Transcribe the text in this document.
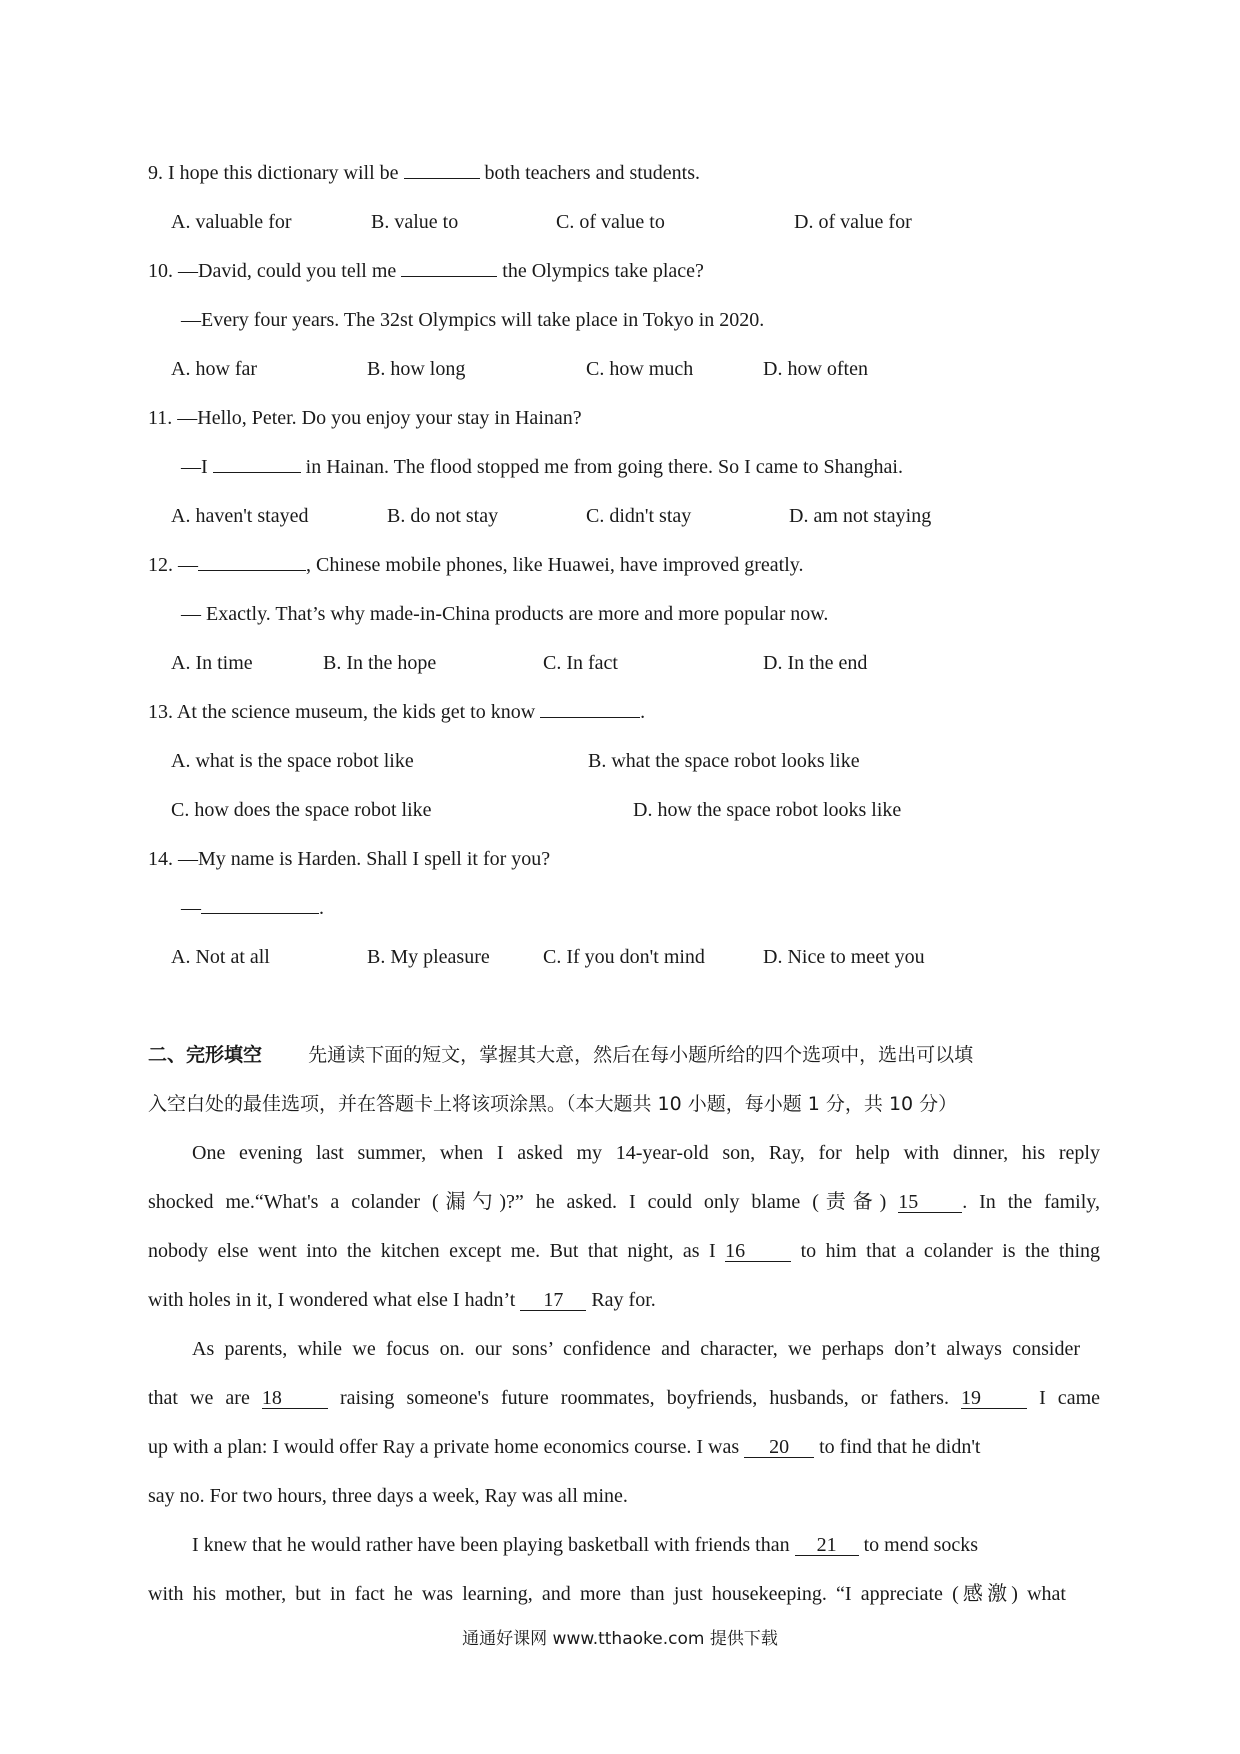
9. I hope this dictionary will be	both teachers and students.
A. valuable for	B. value to	C. of value to	D. of value for
10. —David, could you tell me	the Olympics take place?
—Every four years. The 32st Olympics will take place in Tokyo in 2020.
A. how far	B. how long	C. how much	D. how often
11. —Hello, Peter. Do you enjoy your stay in Hainan?
—I	in Hainan. The flood stopped me from going there. So I came to Shanghai.
A. haven't stayed	B. do not stay	C. didn't stay	D. am not staying
12. —	, Chinese mobile phones, like Huawei, have improved greatly.
— Exactly. That’s why made-in-China products are more and more popular now.
A. In time	B. In the hope	C. In fact	D. In the end
13. At the science museum, the kids get to know	.
A. what is the space robot like	B. what the space robot looks like
C. how does the space robot like	D. how the space robot looks like
14. —My name is Harden. Shall I spell it for you?
—	.
A. Not at all	B. My pleasure	C. If you don't mind	D. Nice to meet you
二、完形填空 先通读下面的短文，掌握其大意，然后在每小题所给的四个选项中，选出可以填
入空白处的最佳选项，并在答题卡上将该项涂黑。（本大题共 10 小题，每小题 1 分，共 10 分）
One evening last summer, when I asked my 14-year-old son, Ray, for help with dinner, his reply
shocked me.“What's a colander (漏勺)?” he asked. I could only blame (责备) 15 . In the family,
nobody else went into the kitchen except me. But that night, as I 16	to him that a colander is the thing
with holes in it, I wondered what else I hadn’t 17 Ray for.
As parents, while we focus on. our sons’ confidence and character, we perhaps don’t always consider
that we are 18	raising someone's future roommates, boyfriends, husbands, or fathers. 19	I came
up with a plan: I would offer Ray a private home economics course. I was 20 to find that he didn't
say no. For two hours, three days a week, Ray was all mine.
I knew that he would rather have been playing basketball with friends than 21 to mend socks
with his mother, but in fact he was learning, and more than just housekeeping. “I appreciate (感激) what
通通好课网 www.tthaoke.com 提供下载
